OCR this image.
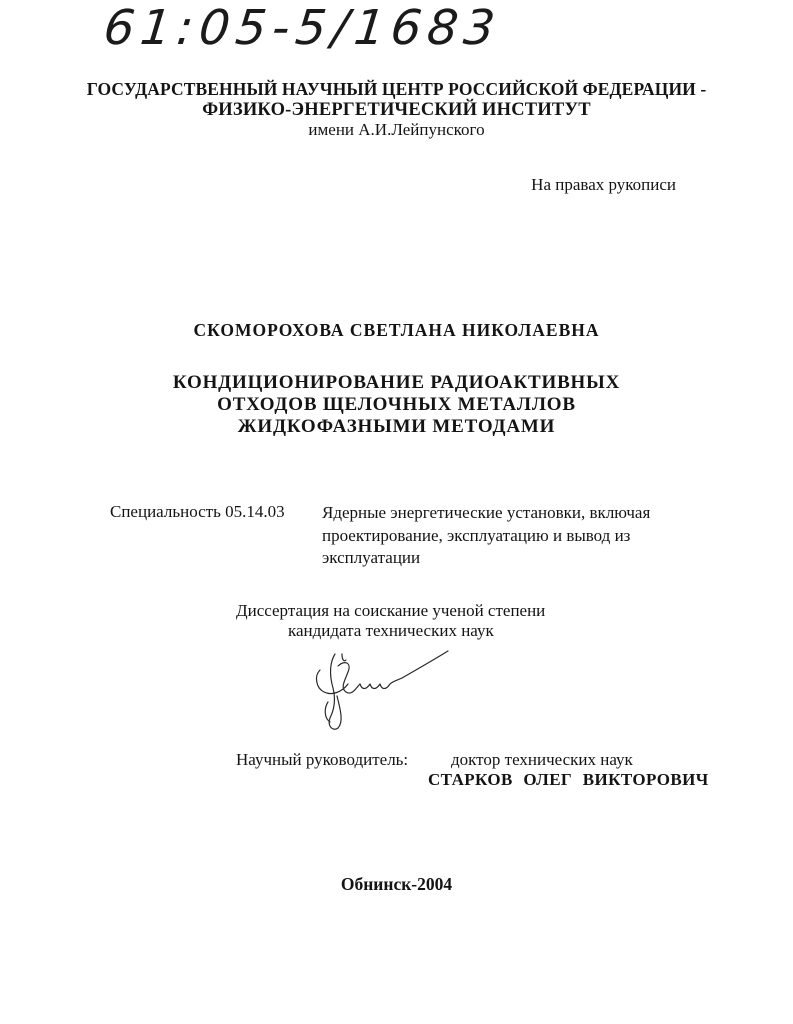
61:05-5/1683
ГОСУДАРСТВЕННЫЙ НАУЧНЫЙ ЦЕНТР РОССИЙСКОЙ ФЕДЕРАЦИИ -
ФИЗИКО-ЭНЕРГЕТИЧЕСКИЙ ИНСТИТУТ
имени А.И.Лейпунского
На правах рукописи
СКОМОРОХОВА СВЕТЛАНА НИКОЛАЕВНА
КОНДИЦИОНИРОВАНИЕ РАДИОАКТИВНЫХ
ОТХОДОВ ЩЕЛОЧНЫХ МЕТАЛЛОВ
ЖИДКОФАЗНЫМИ МЕТОДАМИ
Специальность 05.14.03 Ядерные энергетические установки, включая
проектирование, эксплуатацию и вывод из
эксплуатации
Диссертация на соискание ученой степени
кандидата технических наук
Научный руководитель:	доктор технических наук
СТАРКОВ ОЛЕГ ВИКТОРОВИЧ
Обнинск-2004
